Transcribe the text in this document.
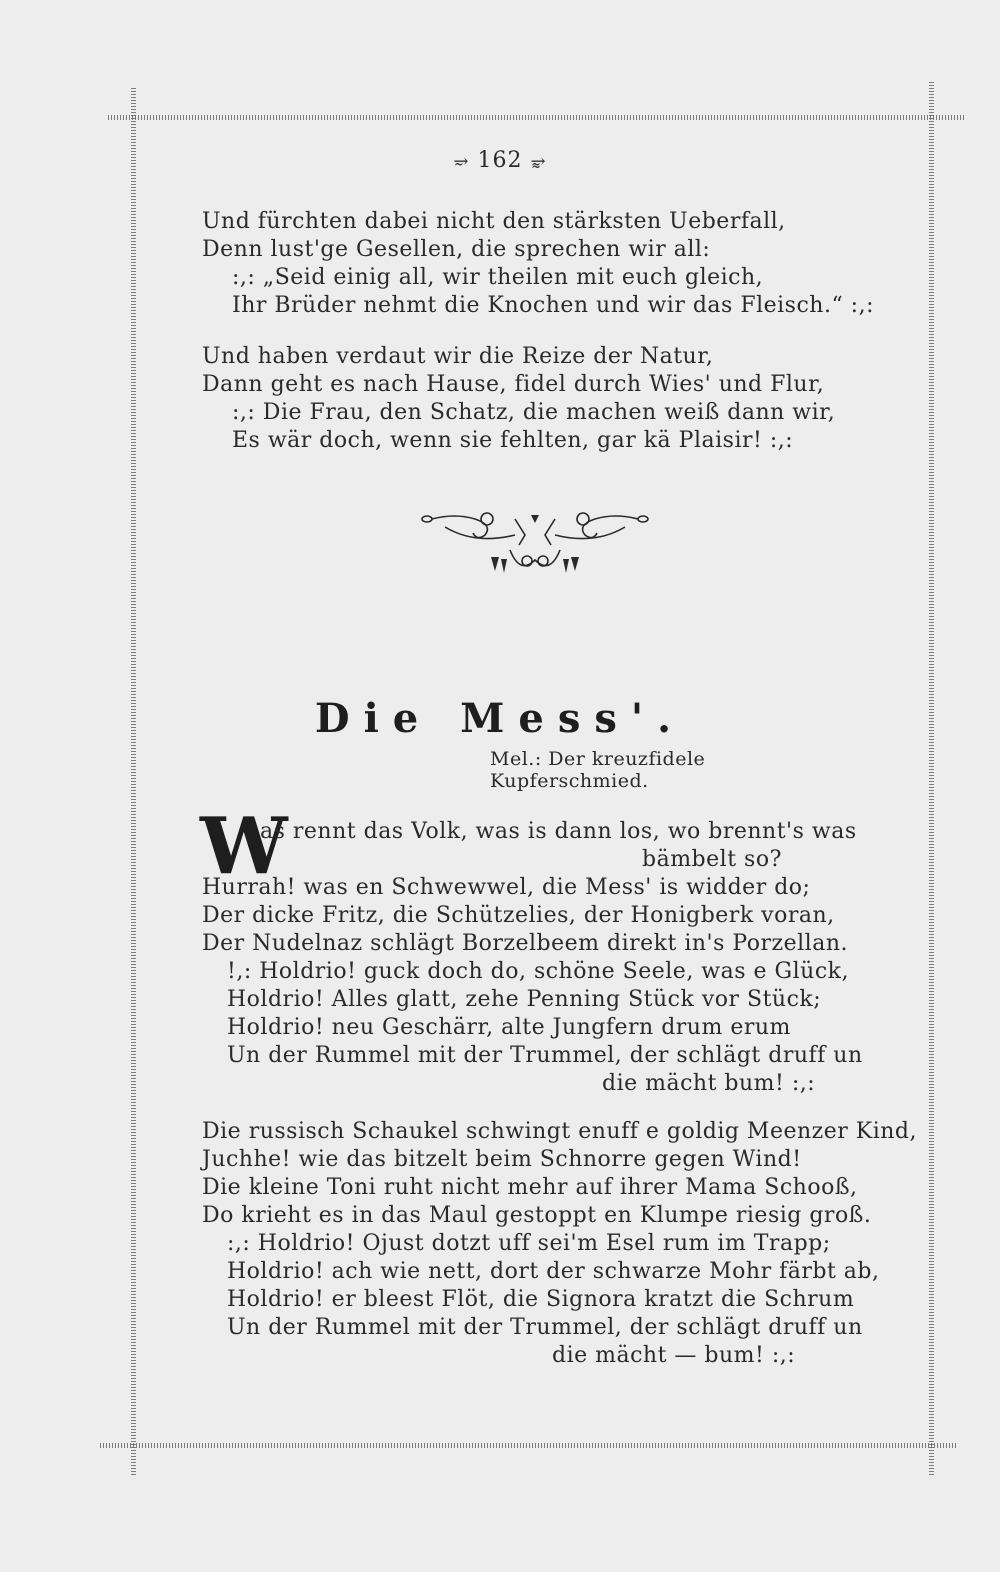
⥴ 162 ⥵
Und fürchten dabei nicht den stärksten Ueberfall,
Denn lust'ge Gesellen, die sprechen wir all:
:,: „Seid einig all, wir theilen mit euch gleich,
Ihr Brüder nehmt die Knochen und wir das Fleisch.“ :,:
Und haben verdaut wir die Reize der Natur,
Dann geht es nach Hause, fidel durch Wies' und Flur,
:,: Die Frau, den Schatz, die machen weiß dann wir,
Es wär doch, wenn sie fehlten, gar kä Plaisir! :,:
Die Mess'.
Mel.: Der kreuzfidele Kupferschmied.
W
as rennt das Volk, was is dann los, wo brennt's was
bämbelt so?
Hurrah! was en Schwewwel, die Mess' is widder do;
Der dicke Fritz, die Schützelies, der Honigberk voran,
Der Nudelnaz schlägt Borzelbeem direkt in's Porzellan.
!,: Holdrio! guck doch do, schöne Seele, was e Glück,
Holdrio! Alles glatt, zehe Penning Stück vor Stück;
Holdrio! neu Geschärr, alte Jungfern drum erum
Un der Rummel mit der Trummel, der schlägt druff un
die mächt bum! :,:
Die russisch Schaukel schwingt enuff e goldig Meenzer Kind,
Juchhe! wie das bitzelt beim Schnorre gegen Wind!
Die kleine Toni ruht nicht mehr auf ihrer Mama Schooß,
Do krieht es in das Maul gestoppt en Klumpe riesig groß.
:,: Holdrio! Ojust dotzt uff sei'm Esel rum im Trapp;
Holdrio! ach wie nett, dort der schwarze Mohr färbt ab,
Holdrio! er bleest Flöt, die Signora kratzt die Schrum
Un der Rummel mit der Trummel, der schlägt druff un
die mächt — bum! :,:
